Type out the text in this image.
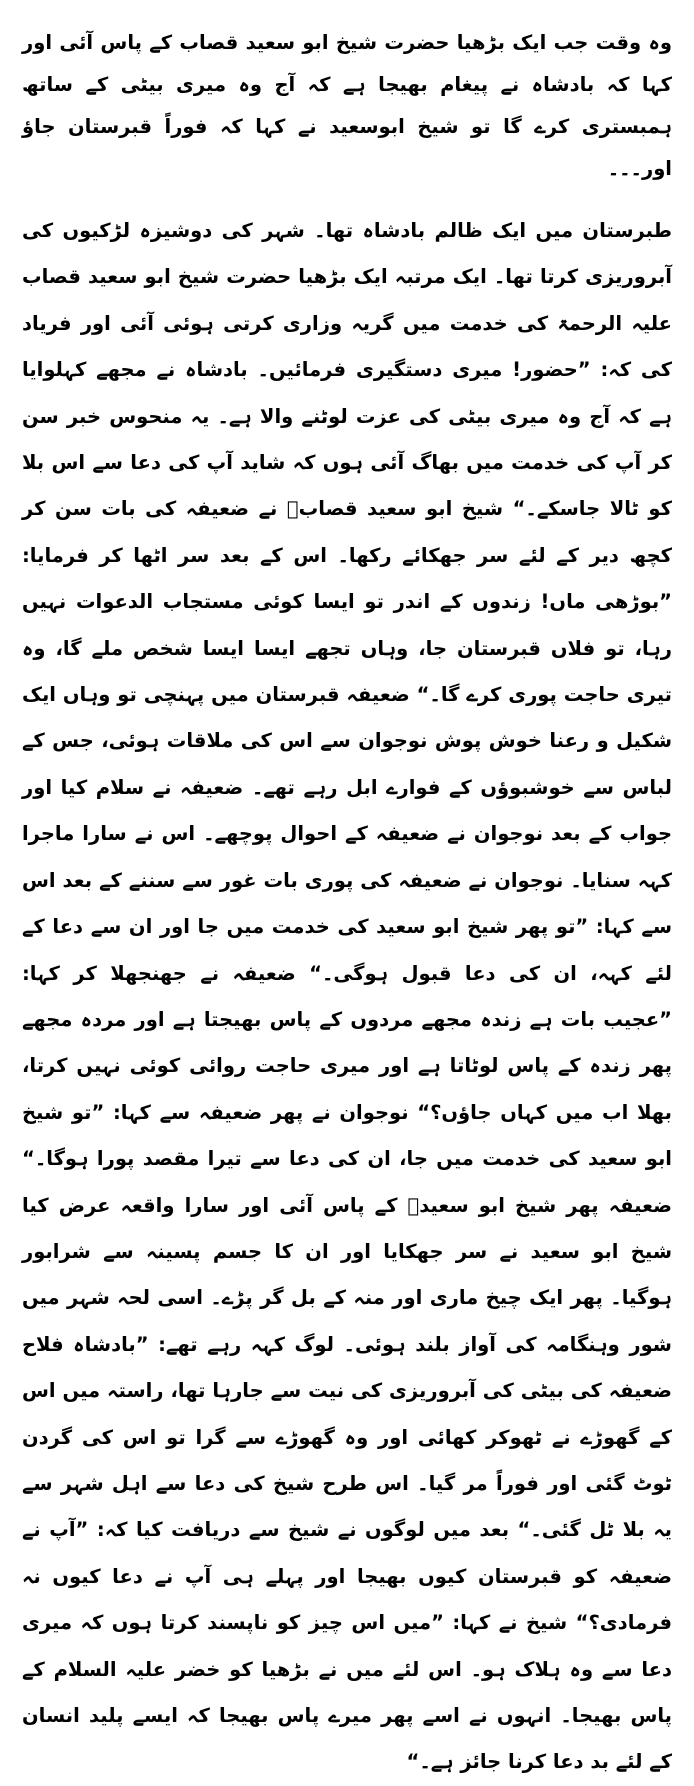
وہ وقت جب ایک بڑھیا حضرت شیخ ابو سعید قصاب کے پاس آئی اور کہا کہ بادشاہ نے پیغام بھیجا ہے کہ آج وہ میری بیٹی کے ساتھ ہمبستری کرے گا تو شیخ ابوسعید نے کہا کہ فوراً قبرستان جاؤ اور۔۔۔

طبرستان میں ایک ظالم بادشاہ تھا۔ شہر کی دوشیزہ لڑکیوں کی آبروریزی کرتا تھا۔ ایک مرتبہ ایک بڑھیا حضرت شیخ ابو سعید قصاب علیہ الرحمۃ کی خدمت میں گریہ وزاری کرتی ہوئی آئی اور فریاد کی کہ: ”حضور! میری دستگیری فرمائیں۔ بادشاہ نے مجھے کہلوایا ہے کہ آج وہ میری بیٹی کی عزت لوٹنے والا ہے۔ یہ منحوس خبر سن کر آپ کی خدمت میں بھاگ آئی ہوں کہ شاید آپ کی دعا سے اس بلا کو ٹالا جاسکے۔“ شیخ ابو سعید قصابؒ نے ضعیفہ کی بات سن کر کچھ دیر کے لئے سر جھکائے رکھا۔ اس کے بعد سر اٹھا کر فرمایا: ”بوڑھی ماں! زندوں کے اندر تو ایسا کوئی مستجاب الدعوات نہیں رہا، تو فلاں قبرستان جا، وہاں تجھے ایسا ایسا شخص ملے گا، وہ تیری حاجت پوری کرے گا۔“ ضعیفہ قبرستان میں پہنچی تو وہاں ایک شکیل و رعنا خوش پوش نوجوان سے اس کی ملاقات ہوئی، جس کے لباس سے خوشبوؤں کے فوارے ابل رہے تھے۔ ضعیفہ نے سلام کیا اور جواب کے بعد نوجوان نے ضعیفہ کے احوال پوچھے۔ اس نے سارا ماجرا کہہ سنایا۔ نوجوان نے ضعیفہ کی پوری بات غور سے سننے کے بعد اس سے کہا: ”تو پھر شیخ ابو سعید کی خدمت میں جا اور ان سے دعا کے لئے کہہ، ان کی دعا قبول ہوگی۔“ ضعیفہ نے جھنجھلا کر کہا: ”عجیب بات ہے زندہ مجھے مردوں کے پاس بھیجتا ہے اور مردہ مجھے پھر زندہ کے پاس لوٹاتا ہے اور میری حاجت روائی کوئی نہیں کرتا، بھلا اب میں کہاں جاؤں؟“ نوجوان نے پھر ضعیفہ سے کہا: ”تو شیخ ابو سعید کی خدمت میں جا، ان کی دعا سے تیرا مقصد پورا ہوگا۔“ ضعیفہ پھر شیخ ابو سعیدؒ کے پاس آئی اور سارا واقعہ عرض کیا شیخ ابو سعید نے سر جھکایا اور ان کا جسم پسینہ سے شرابور ہوگیا۔ پھر ایک چیخ ماری اور منہ کے بل گر پڑے۔ اسی لحہ شہر میں شور وہنگامہ کی آواز بلند ہوئی۔ لوگ کہہ رہے تھے: ”بادشاہ فلاح ضعیفہ کی بیٹی کی آبروریزی کی نیت سے جارہا تھا، راستہ میں اس کے گھوڑے نے ٹھوکر کھائی اور وہ گھوڑے سے گرا تو اس کی گردن ٹوٹ گئی اور فوراً مر گیا۔ اس طرح شیخ کی دعا سے اہل شہر سے یہ بلا ٹل گئی۔“ بعد میں لوگوں نے شیخ سے دریافت کیا کہ: ”آپ نے ضعیفہ کو قبرستان کیوں بھیجا اور پہلے ہی آپ نے دعا کیوں نہ فرمادی؟“ شیخ نے کہا: ”میں اس چیز کو ناپسند کرتا ہوں کہ میری دعا سے وہ ہلاک ہو۔ اس لئے میں نے بڑھیا کو خضر علیہ السلام کے پاس بھیجا۔ انہوں نے اسے پھر میرے پاس بھیجا کہ ایسے پلید انسان کے لئے بد دعا کرنا جائز ہے۔“
